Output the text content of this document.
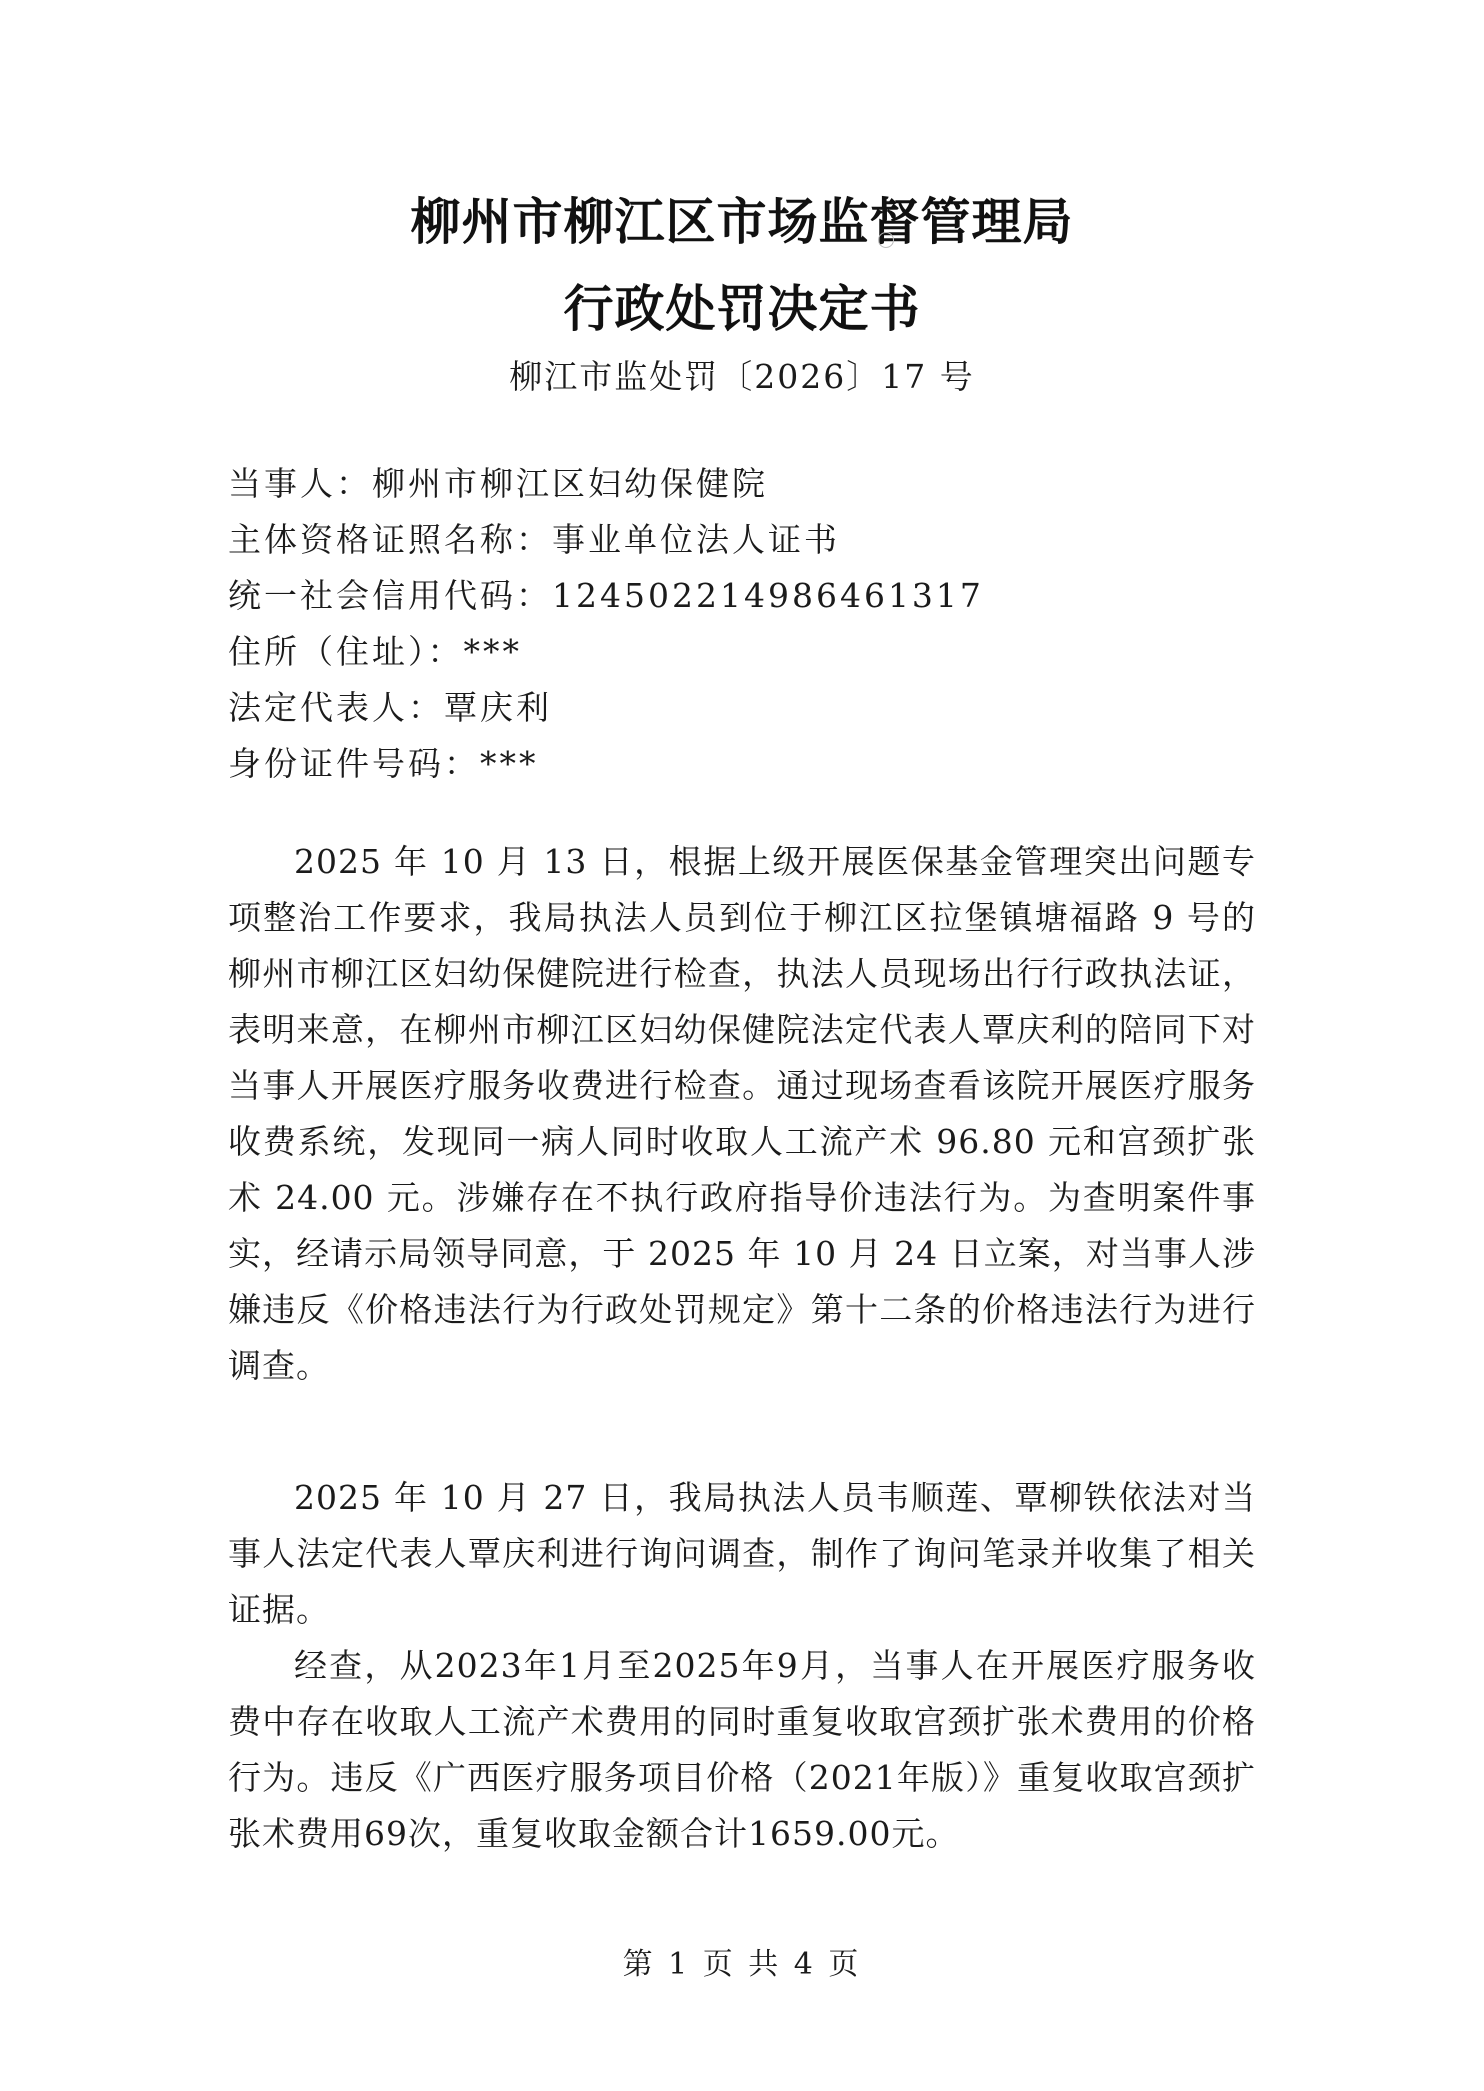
柳州市柳江区市场监督管理局
行政处罚决定书
柳江市监处罚〔2026〕17 号
当事人：柳州市柳江区妇幼保健院
主体资格证照名称：事业单位法人证书
统一社会信用代码：124502214986461317
住所（住址）：***
法定代表人：覃庆利
身份证件号码：***

2025 年 10 月 13 日，根据上级开展医保基金管理突出问题专项整治工作要求，我局执法人员到位于柳江区拉堡镇塘福路 9 号的柳州市柳江区妇幼保健院进行检查，执法人员现场出行行政执法证，表明来意，在柳州市柳江区妇幼保健院法定代表人覃庆利的陪同下对当事人开展医疗服务收费进行检查。通过现场查看该院开展医疗服务收费系统，发现同一病人同时收取人工流产术 96.80 元和宫颈扩张术 24.00 元。涉嫌存在不执行政府指导价违法行为。为查明案件事实，经请示局领导同意，于 2025 年 10 月 24 日立案，对当事人涉嫌违反《价格违法行为行政处罚规定》第十二条的价格违法行为进行调查。

2025 年 10 月 27 日，我局执法人员韦顺莲、覃柳铁依法对当事人法定代表人覃庆利进行询问调查，制作了询问笔录并收集了相关证据。

经查，从2023年1月至2025年9月，当事人在开展医疗服务收费中存在收取人工流产术费用的同时重复收取宫颈扩张术费用的价格行为。违反《广西医疗服务项目价格（2021年版）》重复收取宫颈扩张术费用69次，重复收取金额合计1659.00元。

第 1 页 共 4 页
